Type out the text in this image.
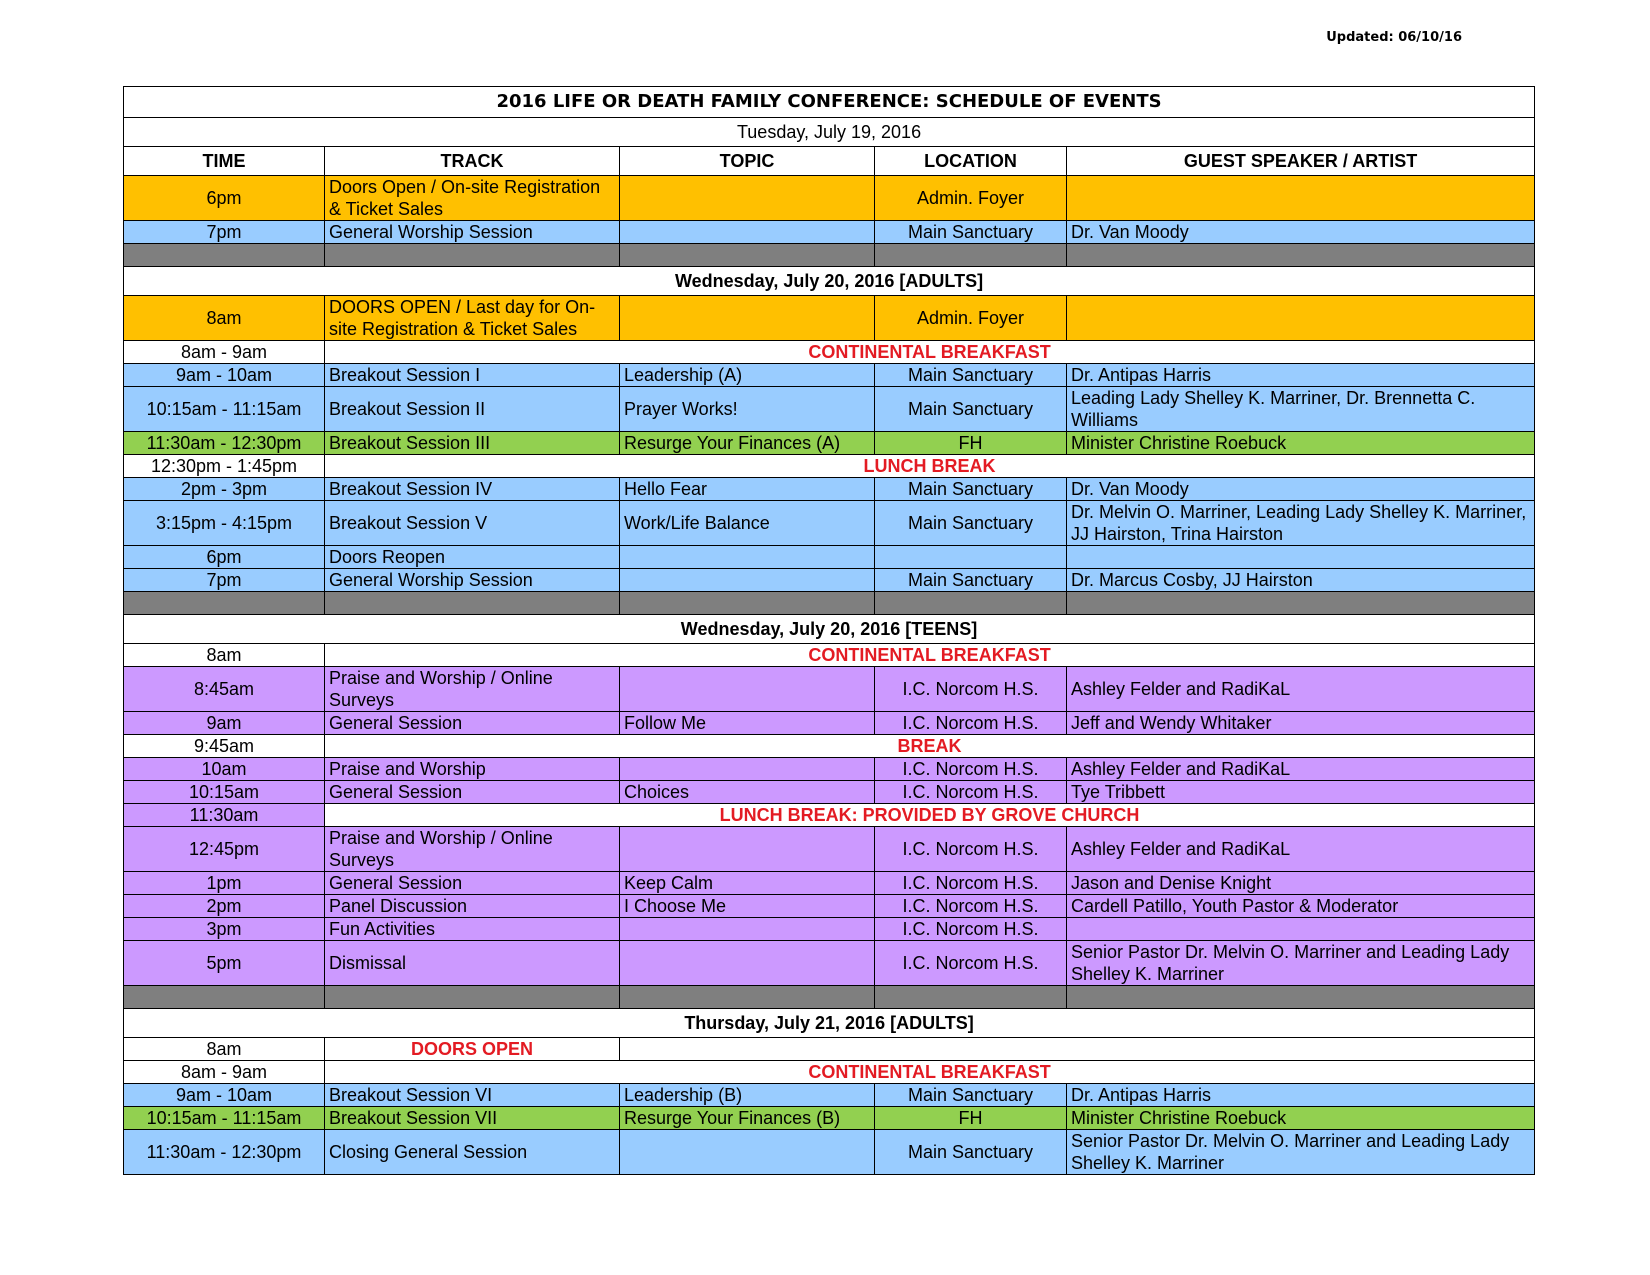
Updated: 06/10/16
2016 LIFE OR DEATH FAMILY CONFERENCE: SCHEDULE OF EVENTS				
Tuesday, July 19, 2016				
TIME	TRACK	TOPIC	LOCATION	GUEST SPEAKER / ARTIST
6pm	Doors Open / On-site Registration & Ticket Sales		Admin. Foyer	
7pm	General Worship Session		Main Sanctuary	Dr. Van Moody

Wednesday, July 20, 2016 [ADULTS]				
8am	DOORS OPEN / Last day for On-site Registration & Ticket Sales		Admin. Foyer	
8am - 9am	CONTINENTAL BREAKFAST			
9am - 10am	Breakout Session I	Leadership (A)	Main Sanctuary	Dr. Antipas Harris
10:15am - 11:15am	Breakout Session II	Prayer Works!	Main Sanctuary	Leading Lady Shelley K. Marriner, Dr. Brennetta C. Williams
11:30am - 12:30pm	Breakout Session III	Resurge Your Finances (A)	FH	Minister Christine Roebuck
12:30pm - 1:45pm	LUNCH BREAK			
2pm - 3pm	Breakout Session IV	Hello Fear	Main Sanctuary	Dr. Van Moody
3:15pm - 4:15pm	Breakout Session V	Work/Life Balance	Main Sanctuary	Dr. Melvin O. Marriner, Leading Lady Shelley K. Marriner, JJ Hairston, Trina Hairston
6pm	Doors Reopen			
7pm	General Worship Session		Main Sanctuary	Dr. Marcus Cosby, JJ Hairston

Wednesday, July 20, 2016 [TEENS]				
8am	CONTINENTAL BREAKFAST			
8:45am	Praise and Worship / Online Surveys		I.C. Norcom H.S.	Ashley Felder and RadiKaL
9am	General Session	Follow Me	I.C. Norcom H.S.	Jeff and Wendy Whitaker
9:45am	BREAK			
10am	Praise and Worship		I.C. Norcom H.S.	Ashley Felder and RadiKaL
10:15am	General Session	Choices	I.C. Norcom H.S.	Tye Tribbett
11:30am	LUNCH BREAK: PROVIDED BY GROVE CHURCH			
12:45pm	Praise and Worship / Online Surveys		I.C. Norcom H.S.	Ashley Felder and RadiKaL
1pm	General Session	Keep Calm	I.C. Norcom H.S.	Jason and Denise Knight
2pm	Panel Discussion	I Choose Me	I.C. Norcom H.S.	Cardell Patillo, Youth Pastor & Moderator
3pm	Fun Activities		I.C. Norcom H.S.	
5pm	Dismissal		I.C. Norcom H.S.	Senior Pastor Dr. Melvin O. Marriner and Leading Lady Shelley K. Marriner

Thursday, July 21, 2016 [ADULTS]				
8am	DOORS OPEN			
8am - 9am	CONTINENTAL BREAKFAST			
9am - 10am	Breakout Session VI	Leadership (B)	Main Sanctuary	Dr. Antipas Harris
10:15am - 11:15am	Breakout Session VII	Resurge Your Finances (B)	FH	Minister Christine Roebuck
11:30am - 12:30pm	Closing General Session		Main Sanctuary	Senior Pastor Dr. Melvin O. Marriner and Leading Lady Shelley K. Marriner
